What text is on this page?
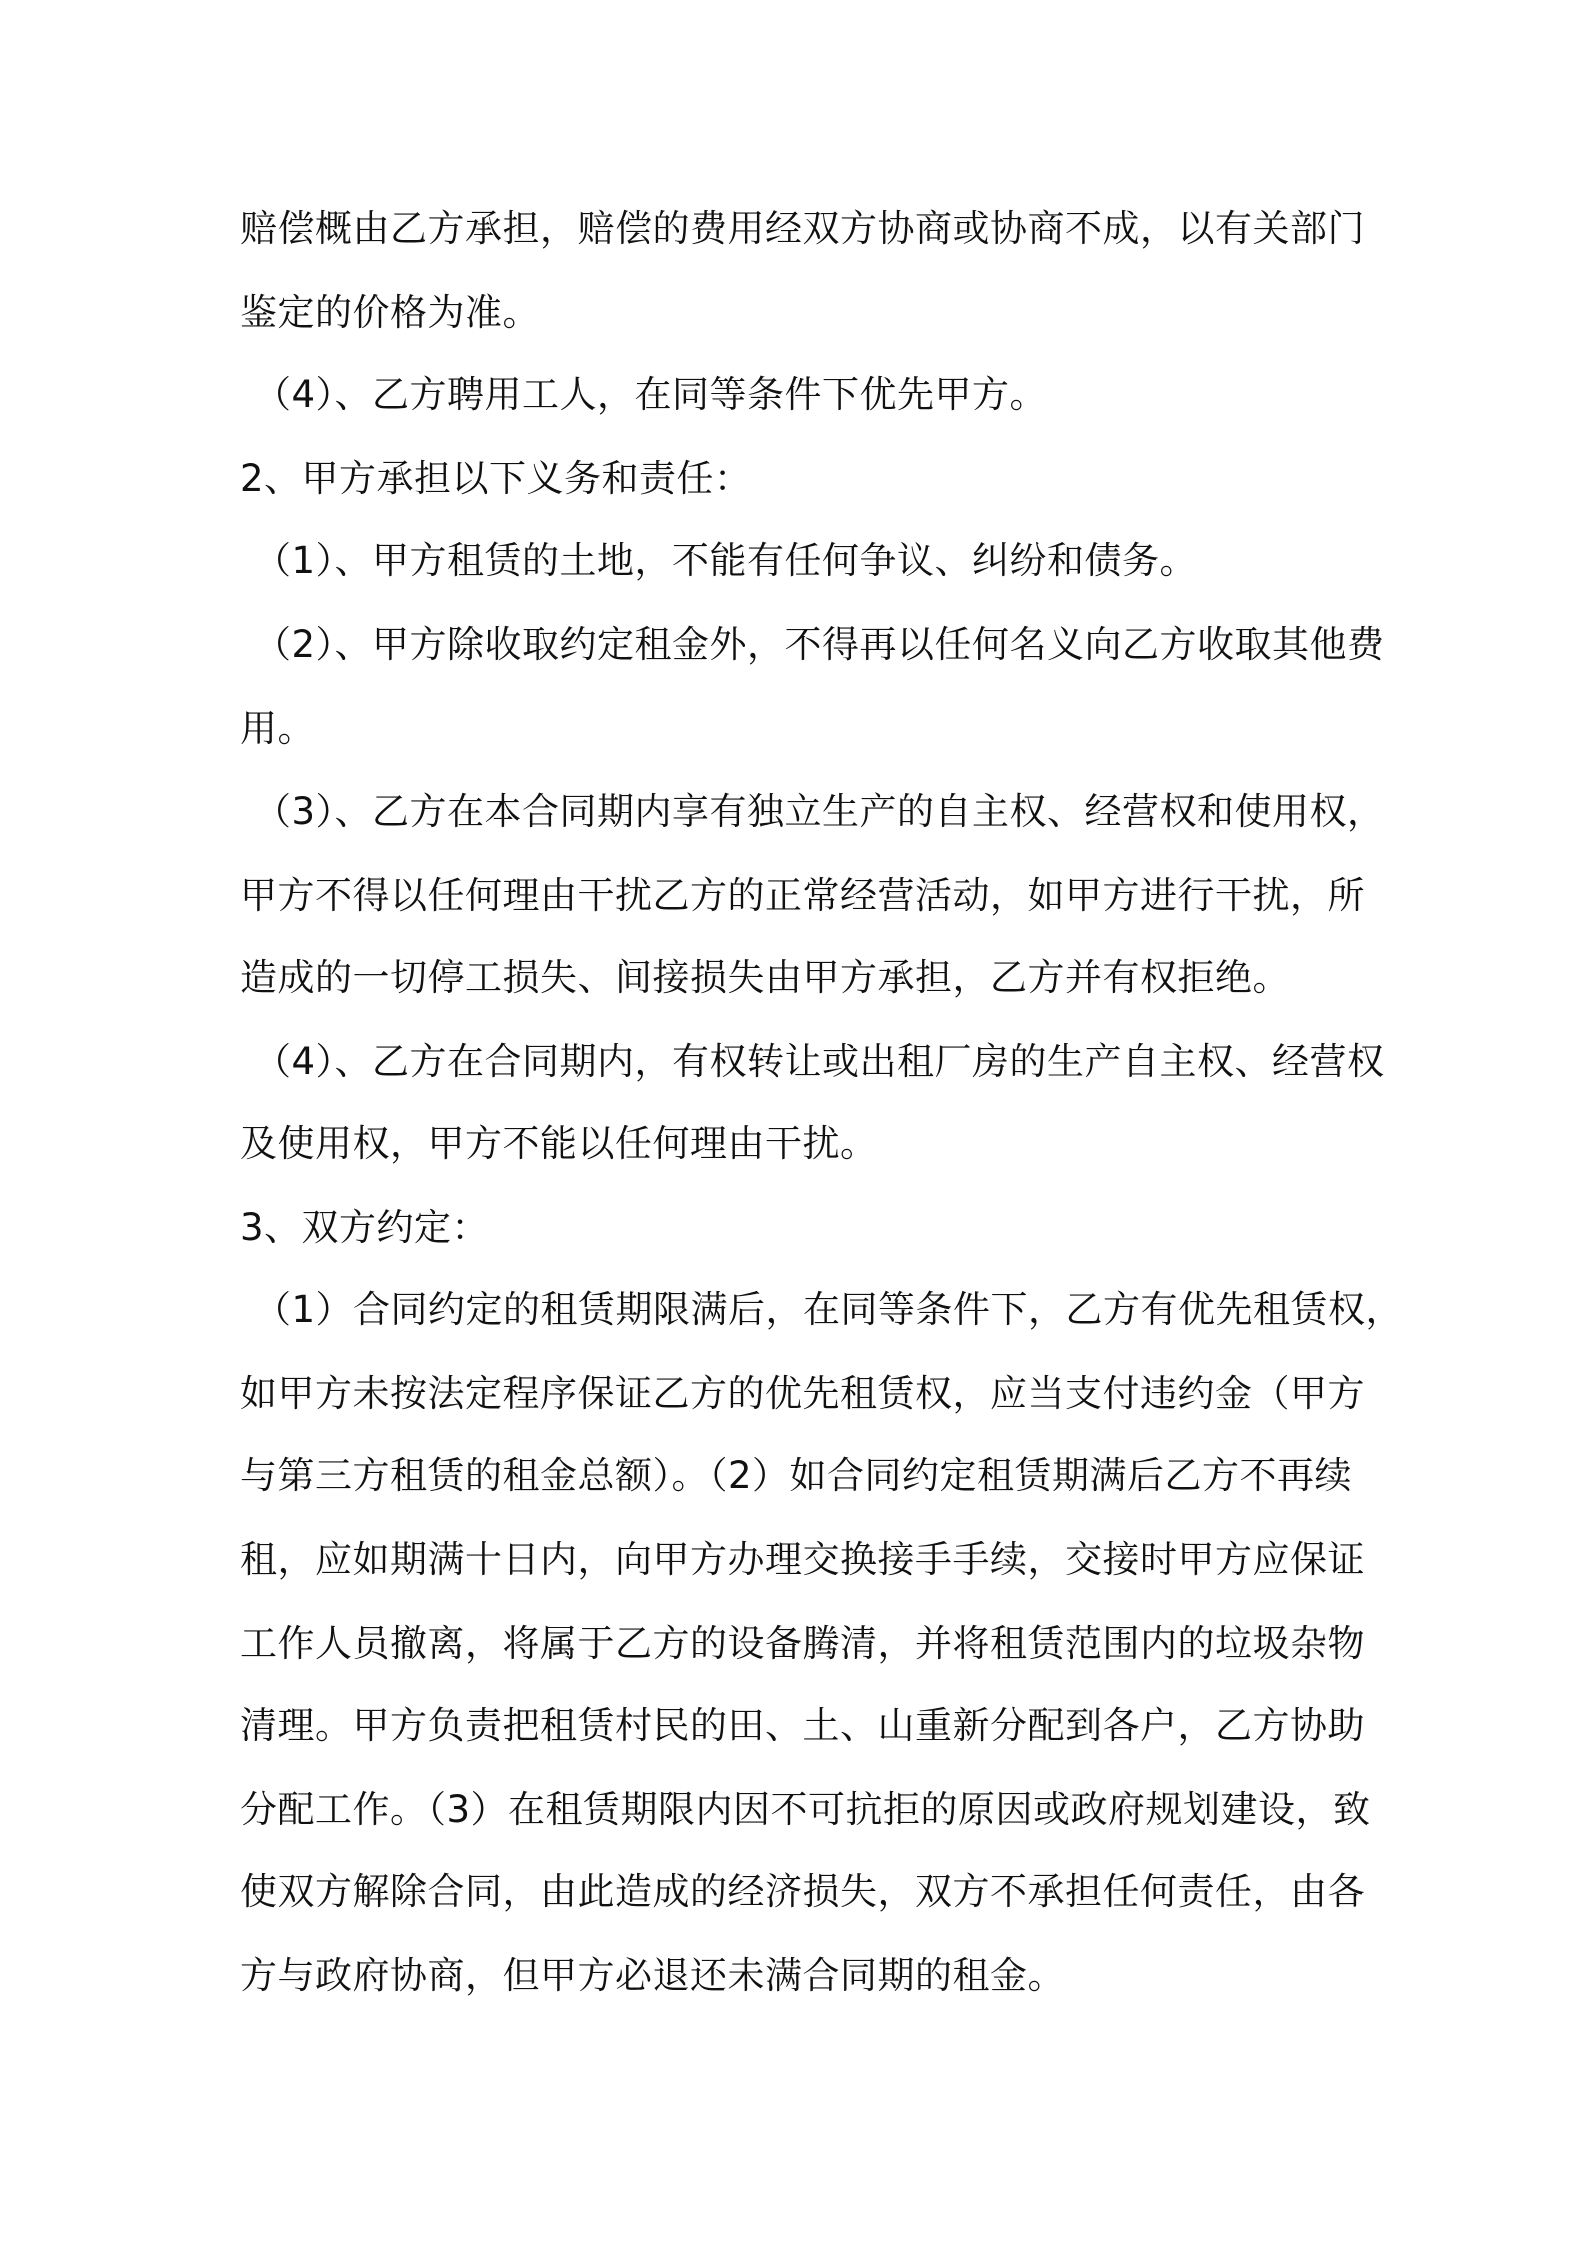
赔偿概由乙方承担，赔偿的费用经双方协商或协商不成，以有关部门
鉴定的价格为准。
（4）、乙方聘用工人，在同等条件下优先甲方。
2、甲方承担以下义务和责任：
（1）、甲方租赁的土地，不能有任何争议、纠纷和债务。
（2）、甲方除收取约定租金外，不得再以任何名义向乙方收取其他费
用。
（3）、乙方在本合同期内享有独立生产的自主权、经营权和使用权，
甲方不得以任何理由干扰乙方的正常经营活动，如甲方进行干扰，所
造成的一切停工损失、间接损失由甲方承担，乙方并有权拒绝。
（4）、乙方在合同期内，有权转让或出租厂房的生产自主权、经营权
及使用权，甲方不能以任何理由干扰。
3、双方约定：
（1）合同约定的租赁期限满后，在同等条件下，乙方有优先租赁权，
如甲方未按法定程序保证乙方的优先租赁权，应当支付违约金（甲方
与第三方租赁的租金总额）。（2）如合同约定租赁期满后乙方不再续
租，应如期满十日内，向甲方办理交换接手手续，交接时甲方应保证
工作人员撤离，将属于乙方的设备腾清，并将租赁范围内的垃圾杂物
清理。甲方负责把租赁村民的田、土、山重新分配到各户，乙方协助
分配工作。（3）在租赁期限内因不可抗拒的原因或政府规划建设，致
使双方解除合同，由此造成的经济损失，双方不承担任何责任，由各
方与政府协商，但甲方必退还未满合同期的租金。
